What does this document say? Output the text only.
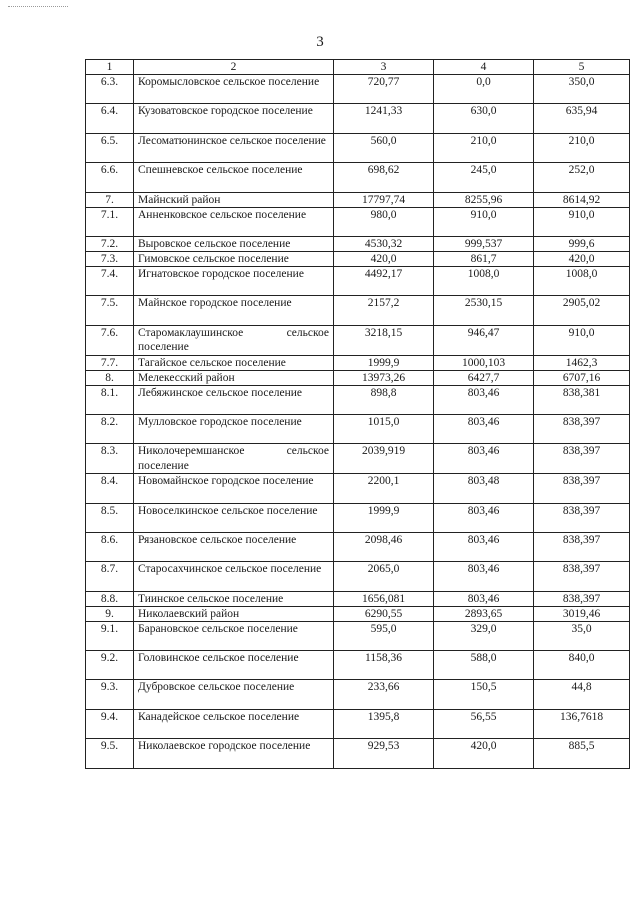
3
1	2	3	4	5
6.3.	Коромысловское сельское поселение	720,77	0,0	350,0
6.4.	Кузоватовское городское поселение	1241,33	630,0	635,94
6.5.	Лесоматюнинское сельское поселение	560,0	210,0	210,0
6.6.	Спешневское сельское поселение	698,62	245,0	252,0
7.	Майнский район	17797,74	8255,96	8614,92
7.1.	Анненковское сельское поселение	980,0	910,0	910,0
7.2.	Выровское сельское поселение	4530,32	999,537	999,6
7.3.	Гимовское сельское поселение	420,0	861,7	420,0
7.4.	Игнатовское городское поселение	4492,17	1008,0	1008,0
7.5.	Майнское городское поселение	2157,2	2530,15	2905,02
7.6.	Старомаклаушинское сельское поселение	3218,15	946,47	910,0
7.7.	Тагайское сельское поселение	1999,9	1000,103	1462,3
8.	Мелекесский район	13973,26	6427,7	6707,16
8.1.	Лебяжинское сельское поселение	898,8	803,46	838,381
8.2.	Мулловское городское поселение	1015,0	803,46	838,397
8.3.	Николочеремшанское сельское поселение	2039,919	803,46	838,397
8.4.	Новомайнское городское поселение	2200,1	803,48	838,397
8.5.	Новоселкинское сельское поселение	1999,9	803,46	838,397
8.6.	Рязановское сельское поселение	2098,46	803,46	838,397
8.7.	Старосахчинское сельское поселение	2065,0	803,46	838,397
8.8.	Тиинское сельское поселение	1656,081	803,46	838,397
9.	Николаевский район	6290,55	2893,65	3019,46
9.1.	Барановское сельское поселение	595,0	329,0	35,0
9.2.	Головинское сельское поселение	1158,36	588,0	840,0
9.3.	Дубровское сельское поселение	233,66	150,5	44,8
9.4.	Канадейское сельское поселение	1395,8	56,55	136,7618
9.5.	Николаевское городское поселение	929,53	420,0	885,5
